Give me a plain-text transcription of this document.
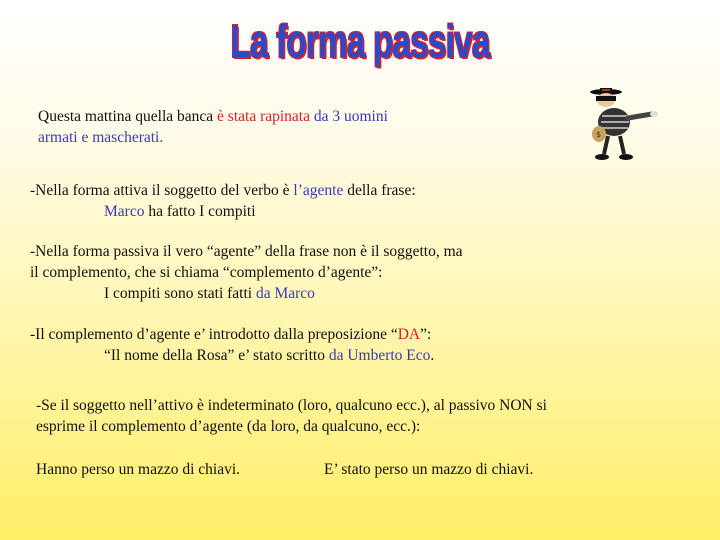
La forma passiva
Questa mattina quella banca è stata rapinata da 3 uomini
armati e mascherati.	$
-Nella forma attiva il soggetto del verbo è l’agente della frase:
Marco ha fatto I compiti
-Nella forma passiva il vero “agente” della frase non è il soggetto, ma
il complemento, che si chiama “complemento d’agente”:
I compiti sono stati fatti da Marco
-Il complemento d’agente e’ introdotto dalla preposizione “DA”:
“Il nome della Rosa” e’ stato scritto da Umberto Eco.
-Se il soggetto nell’attivo è indeterminato (loro, qualcuno ecc.), al passivo NON si
esprime il complemento d’agente (da loro, da qualcuno, ecc.):
Hanno perso un mazzo di chiavi.	E’ stato perso un mazzo di chiavi.
